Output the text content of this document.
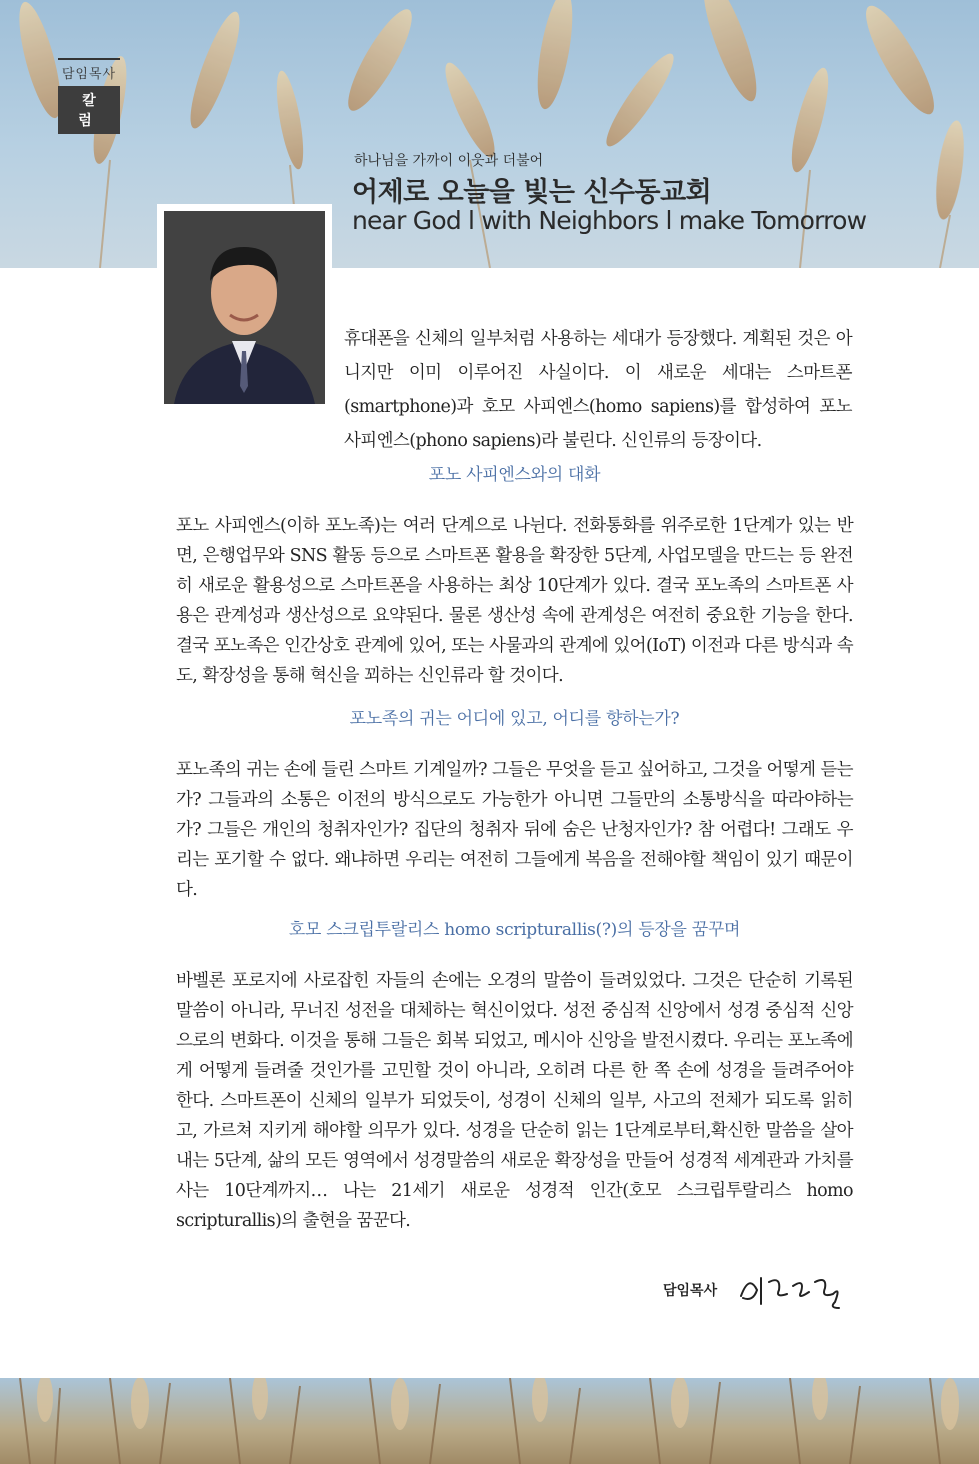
담임목사
칼 럼
하나님을 가까이 이웃과 더불어
어제로 오늘을 빛는 신수동교회
near God l with Neighbors l make Tomorrow
휴대폰을 신체의 일부처럼 사용하는 세대가 등장했다. 계획된 것은 아니지만 이미 이루어진 사실이다. 이 새로운 세대는 스마트폰(smartphone)과 호모 사피엔스(homo sapiens)를 합성하여 포노 사피엔스(phono sapiens)라 불린다. 신인류의 등장이다.
포노 사피엔스와의 대화

포노 사피엔스(이하 포노족)는 여러 단계으로 나뉜다. 전화통화를 위주로한 1단계가 있는 반면, 은행업무와 SNS 활동 등으로 스마트폰 활용을 확장한 5단계, 사업모델을 만드는 등 완전히 새로운 활용성으로 스마트폰을 사용하는 최상 10단계가 있다. 결국 포노족의 스마트폰 사용은 관계성과 생산성으로 요약된다. 물론 생산성 속에 관계성은 여전히 중요한 기능을 한다. 결국 포노족은 인간상호 관계에 있어, 또는 사물과의 관계에 있어(IoT) 이전과 다른 방식과 속도, 확장성을 통해 혁신을 꾀하는 신인류라 할 것이다.

포노족의 귀는 어디에 있고, 어디를 향하는가?

포노족의 귀는 손에 들린 스마트 기계일까? 그들은 무엇을 듣고 싶어하고, 그것을 어떻게 듣는가? 그들과의 소통은 이전의 방식으로도 가능한가 아니면 그들만의 소통방식을 따라야하는가? 그들은 개인의 청취자인가? 집단의 청취자 뒤에 숨은 난청자인가? 참 어렵다! 그래도 우리는 포기할 수 없다. 왜냐하면 우리는 여전히 그들에게 복음을 전해야할 책임이 있기 때문이다.

호모 스크립투랄리스 homo scripturallis(?)의 등장을 꿈꾸며

바벨론 포로지에 사로잡힌 자들의 손에는 오경의 말씀이 들려있었다. 그것은 단순히 기록된 말씀이 아니라, 무너진 성전을 대체하는 혁신이었다. 성전 중심적 신앙에서 성경 중심적 신앙으로의 변화다. 이것을 통해 그들은 회복 되었고, 메시아 신앙을 발전시켰다. 우리는 포노족에게 어떻게 들려줄 것인가를 고민할 것이 아니라, 오히려 다른 한 쪽 손에 성경을 들려주어야 한다. 스마트폰이 신체의 일부가 되었듯이, 성경이 신체의 일부, 사고의 전체가 되도록 읽히고, 가르쳐 지키게 해야할 의무가 있다. 성경을 단순히 읽는 1단계로부터,확신한 말씀을 살아내는 5단계, 삶의 모든 영역에서 성경말씀의 새로운 확장성을 만들어 성경적 세계관과 가치를 사는 10단계까지… 나는 21세기 새로운 성경적 인간(호모 스크립투랄리스 homo scripturallis)의 출현을 꿈꾼다.

담임목사
